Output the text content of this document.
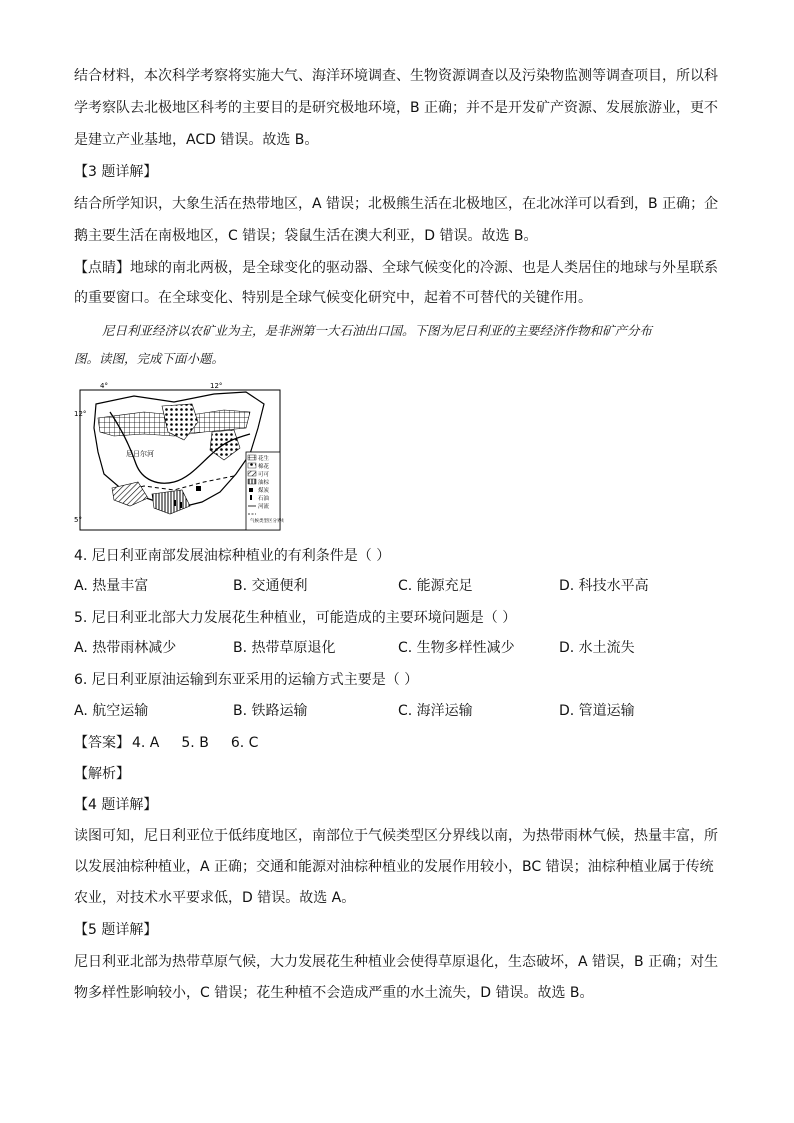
结合材料，本次科学考察将实施大气、海洋环境调查、生物资源调查以及污染物监测等调查项目，所以科
学考察队去北极地区科考的主要目的是研究极地环境，B 正确；并不是开发矿产资源、发展旅游业，更不
是建立产业基地，ACD 错误。故选 B。
【3 题详解】
结合所学知识，大象生活在热带地区，A 错误；北极熊生活在北极地区，在北冰洋可以看到，B 正确；企
鹅主要生活在南极地区，C 错误；袋鼠生活在澳大利亚，D 错误。故选 B。
【点睛】地球的南北两极，是全球变化的驱动器、全球气候变化的冷源、也是人类居住的地球与外星联系
的重要窗口。在全球变化、特别是全球气候变化研究中，起着不可替代的关键作用。
尼日利亚经济以农矿业为主，是非洲第一大石油出口国。下图为尼日利亚的主要经济作物和矿产分布
图。读图，完成下面小题。
4°	12°
12°
5°
尼日尔河
花生
棉花
可可
油棕
煤炭
石油
河流
气候类型区分界线
4. 尼日利亚南部发展油棕种植业的有利条件是（ ）
A. 热量丰富	B. 交通便利	C. 能源充足	D. 科技水平高
5. 尼日利亚北部大力发展花生种植业，可能造成的主要环境问题是（ ）
A. 热带雨林减少	B. 热带草原退化	C. 生物多样性减少	D. 水土流失
6. 尼日利亚原油运输到东亚采用的运输方式主要是（ ）
A. 航空运输	B. 铁路运输	C. 海洋运输	D. 管道运输
【答案】 4. A 5. B 6. C
【解析】
【4 题详解】
读图可知，尼日利亚位于低纬度地区，南部位于气候类型区分界线以南，为热带雨林气候，热量丰富，所
以发展油棕种植业，A 正确；交通和能源对油棕种植业的发展作用较小，BC 错误；油棕种植业属于传统
农业，对技术水平要求低，D 错误。故选 A。
【5 题详解】
尼日利亚北部为热带草原气候，大力发展花生种植业会使得草原退化，生态破坏，A 错误，B 正确；对生
物多样性影响较小，C 错误；花生种植不会造成严重的水土流失，D 错误。故选 B。
